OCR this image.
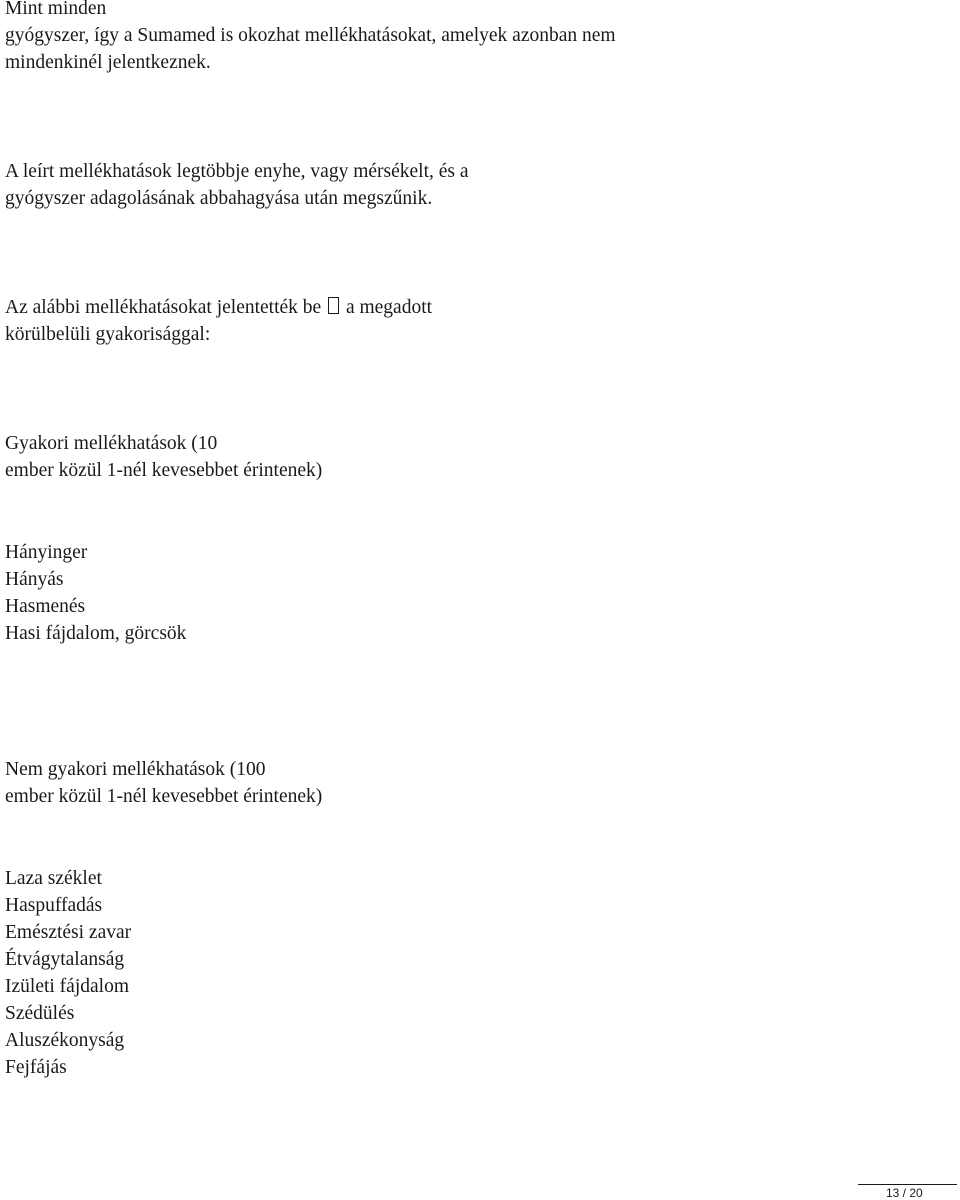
Mint minden
gyógyszer, így a Sumamed is okozhat mellékhatásokat, amelyek azonban nem
mindenkinél jelentkeznek.
A leírt mellékhatások legtöbbje enyhe, vagy mérsékelt, és a
gyógyszer adagolásának abbahagyása után megszűnik.
Az alábbi mellékhatásokat jelentették be a megadott
körülbelüli gyakorisággal:
Gyakori mellékhatások (10
ember közül 1-nél kevesebbet érintenek)
Hányinger
Hányás
Hasmenés
Hasi fájdalom, görcsök
Nem gyakori mellékhatások (100
ember közül 1-nél kevesebbet érintenek)
Laza széklet
Haspuffadás
Emésztési zavar
Étvágytalanság
Izületi fájdalom
Szédülés
Aluszékonyság
Fejfájás
13 / 20
